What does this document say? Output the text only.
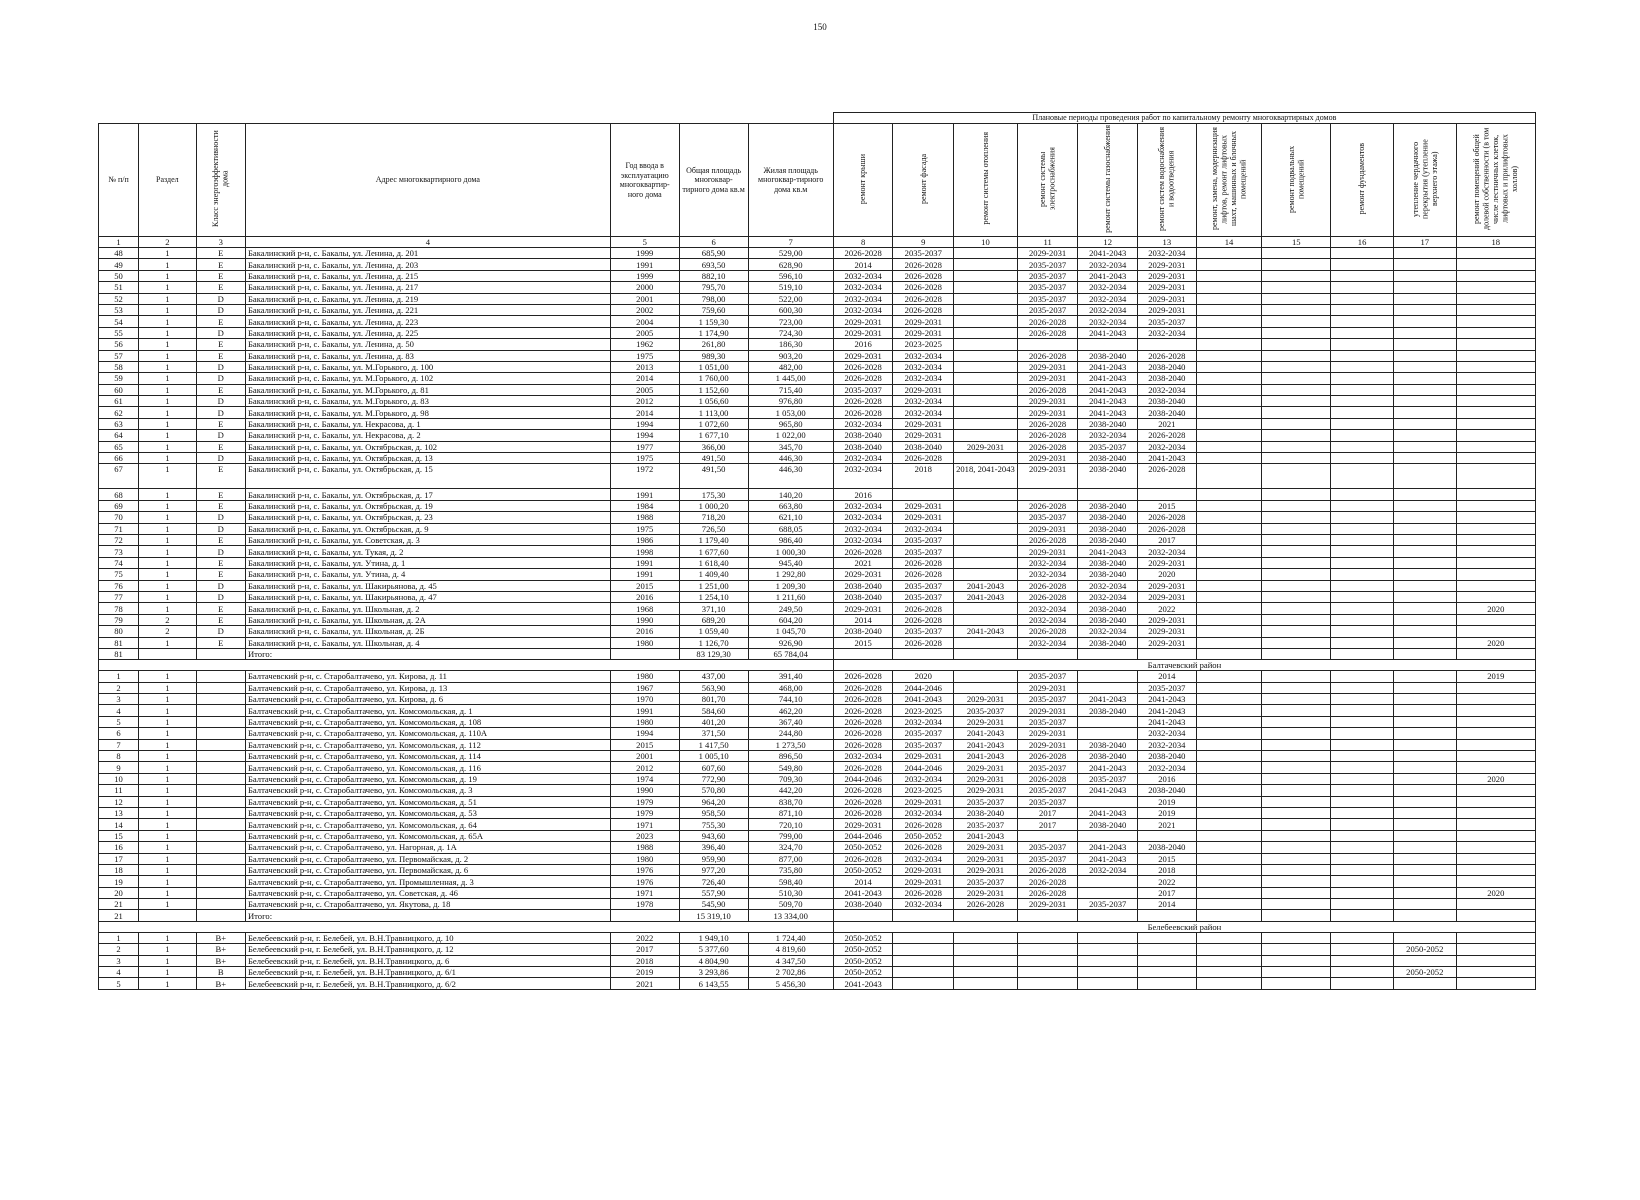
150
							Плановые периоды проведения работ по капитальному ремонту многоквартирных домов										
№ п/п	Раздел	Класс энергоэффективности дома	Адрес многоквартирного дома	Год ввода в эксплуатацию многоквартир-ного дома	Общая площадь многоквар-тирного дома кв.м	Жилая площадь многоквар-тирного дома кв.м	ремонт крыши	ремонт фасада	ремонт системы отопления	ремонт системы электроснабжения	ремонт системы газоснабжения	ремонт систем водоснабжения и водоотведения	ремонт, замена, модернизация лифтов, ремонт лифтовых шахт, машинных и блочных помещений	ремонт подвальных помещений	ремонт фундаментов	утепление чердачного перекрытия (утепление верхнего этажа)	ремонт помещений общей долевой собственности (в том числе лестничных клеток, лифтовых и прилифтовых холлов)
1	2	3	4	5	6	7	8	9	10	11	12	13	14	15	16	17	18
48	1	E	Бакалинский р-н, с. Бакалы, ул. Ленина, д. 201	1999	685,90	529,00	2026-2028	2035-2037		2029-2031	2041-2043	2032-2034					
49	1	E	Бакалинский р-н, с. Бакалы, ул. Ленина, д. 203	1991	693,50	628,90	2014	2026-2028		2035-2037	2032-2034	2029-2031					
50	1	E	Бакалинский р-н, с. Бакалы, ул. Ленина, д. 215	1999	882,10	596,10	2032-2034	2026-2028		2035-2037	2041-2043	2029-2031					
51	1	E	Бакалинский р-н, с. Бакалы, ул. Ленина, д. 217	2000	795,70	519,10	2032-2034	2026-2028		2035-2037	2032-2034	2029-2031					
52	1	D	Бакалинский р-н, с. Бакалы, ул. Ленина, д. 219	2001	798,00	522,00	2032-2034	2026-2028		2035-2037	2032-2034	2029-2031					
53	1	D	Бакалинский р-н, с. Бакалы, ул. Ленина, д. 221	2002	759,60	600,30	2032-2034	2026-2028		2035-2037	2032-2034	2029-2031					
54	1	E	Бакалинский р-н, с. Бакалы, ул. Ленина, д. 223	2004	1 159,30	723,00	2029-2031	2029-2031		2026-2028	2032-2034	2035-2037					
55	1	D	Бакалинский р-н, с. Бакалы, ул. Ленина, д. 225	2005	1 174,90	724,30	2029-2031	2029-2031		2026-2028	2041-2043	2032-2034					
56	1	E	Бакалинский р-н, с. Бакалы, ул. Ленина, д. 50	1962	261,80	186,30	2016	2023-2025									
57	1	E	Бакалинский р-н, с. Бакалы, ул. Ленина, д. 83	1975	989,30	903,20	2029-2031	2032-2034		2026-2028	2038-2040	2026-2028					
58	1	D	Бакалинский р-н, с. Бакалы, ул. М.Горького, д. 100	2013	1 051,00	482,00	2026-2028	2032-2034		2029-2031	2041-2043	2038-2040					
59	1	D	Бакалинский р-н, с. Бакалы, ул. М.Горького, д. 102	2014	1 760,00	1 445,00	2026-2028	2032-2034		2029-2031	2041-2043	2038-2040					
60	1	E	Бакалинский р-н, с. Бакалы, ул. М.Горького, д. 81	2005	1 152,60	715,40	2035-2037	2029-2031		2026-2028	2041-2043	2032-2034					
61	1	D	Бакалинский р-н, с. Бакалы, ул. М.Горького, д. 83	2012	1 056,60	976,80	2026-2028	2032-2034		2029-2031	2041-2043	2038-2040					
62	1	D	Бакалинский р-н, с. Бакалы, ул. М.Горького, д. 98	2014	1 113,00	1 053,00	2026-2028	2032-2034		2029-2031	2041-2043	2038-2040					
63	1	E	Бакалинский р-н, с. Бакалы, ул. Некрасова, д. 1	1994	1 072,60	965,80	2032-2034	2029-2031		2026-2028	2038-2040	2021					
64	1	D	Бакалинский р-н, с. Бакалы, ул. Некрасова, д. 2	1994	1 677,10	1 022,00	2038-2040	2029-2031		2026-2028	2032-2034	2026-2028					
65	1	E	Бакалинский р-н, с. Бакалы, ул. Октябрьская, д. 102	1977	366,00	345,70	2038-2040	2038-2040	2029-2031	2026-2028	2035-2037	2032-2034					
66	1	D	Бакалинский р-н, с. Бакалы, ул. Октябрьская, д. 13	1975	491,50	446,30	2032-2034	2026-2028		2029-2031	2038-2040	2041-2043					
67	1	E	Бакалинский р-н, с. Бакалы, ул. Октябрьская, д. 15	1972	491,50	446,30	2032-2034	2018	2018, 2041-2043	2029-2031	2038-2040	2026-2028					
68	1	E	Бакалинский р-н, с. Бакалы, ул. Октябрьская, д. 17	1991	175,30	140,20	2016										
69	1	E	Бакалинский р-н, с. Бакалы, ул. Октябрьская, д. 19	1984	1 000,20	663,80	2032-2034	2029-2031		2026-2028	2038-2040	2015					
70	1	D	Бакалинский р-н, с. Бакалы, ул. Октябрьская, д. 23	1988	718,20	621,10	2032-2034	2029-2031		2035-2037	2038-2040	2026-2028					
71	1	D	Бакалинский р-н, с. Бакалы, ул. Октябрьская, д. 9	1975	726,50	688,05	2032-2034	2032-2034		2029-2031	2038-2040	2026-2028					
72	1	E	Бакалинский р-н, с. Бакалы, ул. Советская, д. 3	1986	1 179,40	986,40	2032-2034	2035-2037		2026-2028	2038-2040	2017					
73	1	D	Бакалинский р-н, с. Бакалы, ул. Тукая, д. 2	1998	1 677,60	1 000,30	2026-2028	2035-2037		2029-2031	2041-2043	2032-2034					
74	1	E	Бакалинский р-н, с. Бакалы, ул. Утина, д. 1	1991	1 618,40	945,40	2021	2026-2028		2032-2034	2038-2040	2029-2031					
75	1	E	Бакалинский р-н, с. Бакалы, ул. Утина, д. 4	1991	1 409,40	1 292,80	2029-2031	2026-2028		2032-2034	2038-2040	2020					
76	1	D	Бакалинский р-н, с. Бакалы, ул. Шакирьянова, д. 45	2015	1 251,00	1 209,30	2038-2040	2035-2037	2041-2043	2026-2028	2032-2034	2029-2031					
77	1	D	Бакалинский р-н, с. Бакалы, ул. Шакирьянова, д. 47	2016	1 254,10	1 211,60	2038-2040	2035-2037	2041-2043	2026-2028	2032-2034	2029-2031					
78	1	E	Бакалинский р-н, с. Бакалы, ул. Школьная, д. 2	1968	371,10	249,50	2029-2031	2026-2028		2032-2034	2038-2040	2022					2020
79	2	E	Бакалинский р-н, с. Бакалы, ул. Школьная, д. 2А	1990	689,20	604,20	2014	2026-2028		2032-2034	2038-2040	2029-2031					
80	2	D	Бакалинский р-н, с. Бакалы, ул. Школьная, д. 2Б	2016	1 059,40	1 045,70	2038-2040	2035-2037	2041-2043	2026-2028	2032-2034	2029-2031					
81	1	E	Бакалинский р-н, с. Бакалы, ул. Школьная, д. 4	1980	1 126,70	926,90	2015	2026-2028		2032-2034	2038-2040	2029-2031					2020
81			Итого:		83 129,30	65 784,04											
							Балтачевский район										
1	1		Балтачевский р-н, с. Старобалтачево, ул. Кирова, д. 11	1980	437,00	391,40	2026-2028	2020		2035-2037		2014					2019
2	1		Балтачевский р-н, с. Старобалтачево, ул. Кирова, д. 13	1967	563,90	468,00	2026-2028	2044-2046		2029-2031		2035-2037					
3	1		Балтачевский р-н, с. Старобалтачево, ул. Кирова, д. 6	1970	801,70	744,10	2026-2028	2041-2043	2029-2031	2035-2037	2041-2043	2041-2043					
4	1		Балтачевский р-н, с. Старобалтачево, ул. Комсомольская, д. 1	1991	584,60	462,20	2026-2028	2023-2025	2035-2037	2029-2031	2038-2040	2041-2043					
5	1		Балтачевский р-н, с. Старобалтачево, ул. Комсомольская, д. 108	1980	401,20	367,40	2026-2028	2032-2034	2029-2031	2035-2037		2041-2043					
6	1		Балтачевский р-н, с. Старобалтачево, ул. Комсомольская, д. 110А	1994	371,50	244,80	2026-2028	2035-2037	2041-2043	2029-2031		2032-2034					
7	1		Балтачевский р-н, с. Старобалтачево, ул. Комсомольская, д. 112	2015	1 417,50	1 273,50	2026-2028	2035-2037	2041-2043	2029-2031	2038-2040	2032-2034					
8	1		Балтачевский р-н, с. Старобалтачево, ул. Комсомольская, д. 114	2001	1 005,10	896,50	2032-2034	2029-2031	2041-2043	2026-2028	2038-2040	2038-2040					
9	1		Балтачевский р-н, с. Старобалтачево, ул. Комсомольская, д. 116	2012	607,60	549,80	2026-2028	2044-2046	2029-2031	2035-2037	2041-2043	2032-2034					
10	1		Балтачевский р-н, с. Старобалтачево, ул. Комсомольская, д. 19	1974	772,90	709,30	2044-2046	2032-2034	2029-2031	2026-2028	2035-2037	2016					2020
11	1		Балтачевский р-н, с. Старобалтачево, ул. Комсомольская, д. 3	1990	570,80	442,20	2026-2028	2023-2025	2029-2031	2035-2037	2041-2043	2038-2040					
12	1		Балтачевский р-н, с. Старобалтачево, ул. Комсомольская, д. 51	1979	964,20	838,70	2026-2028	2029-2031	2035-2037	2035-2037		2019					
13	1		Балтачевский р-н, с. Старобалтачево, ул. Комсомольская, д. 53	1979	958,50	871,10	2026-2028	2032-2034	2038-2040	2017	2041-2043	2019					
14	1		Балтачевский р-н, с. Старобалтачево, ул. Комсомольская, д. 64	1971	755,30	720,10	2029-2031	2026-2028	2035-2037	2017	2038-2040	2021					
15	1		Балтачевский р-н, с. Старобалтачево, ул. Комсомольская, д. 65А	2023	943,60	799,00	2044-2046	2050-2052	2041-2043								
16	1		Балтачевский р-н, с. Старобалтачево, ул. Нагорная, д. 1А	1988	396,40	324,70	2050-2052	2026-2028	2029-2031	2035-2037	2041-2043	2038-2040					
17	1		Балтачевский р-н, с. Старобалтачево, ул. Первомайская, д. 2	1980	959,90	877,00	2026-2028	2032-2034	2029-2031	2035-2037	2041-2043	2015					
18	1		Балтачевский р-н, с. Старобалтачево, ул. Первомайская, д. 6	1976	977,20	735,80	2050-2052	2029-2031	2029-2031	2026-2028	2032-2034	2018					
19	1		Балтачевский р-н, с. Старобалтачево, ул. Промышленная, д. 3	1976	726,40	598,40	2014	2029-2031	2035-2037	2026-2028		2022					
20	1		Балтачевский р-н, с. Старобалтачево, ул. Советская, д. 46	1971	557,90	510,30	2041-2043	2026-2028	2029-2031	2026-2028		2017					2020
21	1		Балтачевский р-н, с. Старобалтачево, ул. Якутова, д. 18	1978	545,90	509,70	2038-2040	2032-2034	2026-2028	2029-2031	2035-2037	2014					
21			Итого:		15 319,10	13 334,00											
							Белебеевский район										
1	1	B+	Белебеевский р-н, г. Белебей, ул. В.Н.Травницкого, д. 10	2022	1 949,10	1 724,40	2050-2052										
2	1	B+	Белебеевский р-н, г. Белебей, ул. В.Н.Травницкого, д. 12	2017	5 377,60	4 819,60	2050-2052									2050-2052	
3	1	B+	Белебеевский р-н, г. Белебей, ул. В.Н.Травницкого, д. 6	2018	4 804,90	4 347,50	2050-2052										
4	1	B	Белебеевский р-н, г. Белебей, ул. В.Н.Травницкого, д. 6/1	2019	3 293,86	2 702,86	2050-2052									2050-2052	
5	1	B+	Белебеевский р-н, г. Белебей, ул. В.Н.Травницкого, д. 6/2	2021	6 143,55	5 456,30	2041-2043										
